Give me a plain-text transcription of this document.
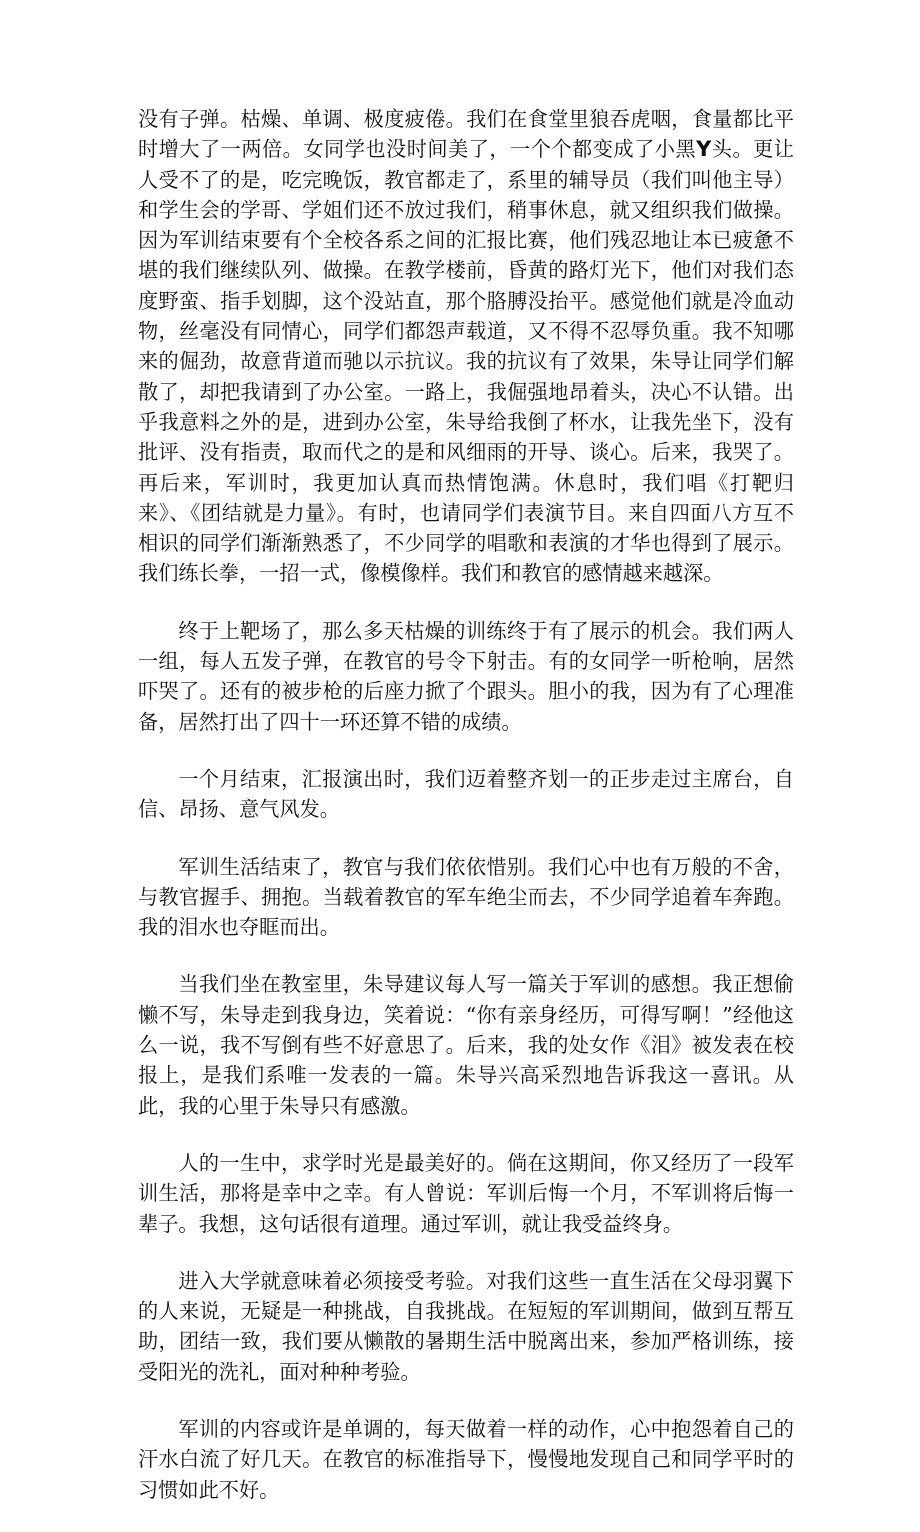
没有子弹。枯燥、单调、极度疲倦。我们在食堂里狼吞虎咽，食量都比平时增大了一两倍。女同学也没时间美了，一个个都变成了小黑Y头。更让人受不了的是，吃完晚饭，教官都走了，系里的辅导员（我们叫他主导）和学生会的学哥、学姐们还不放过我们，稍事休息，就又组织我们做操。因为军训结束要有个全校各系之间的汇报比赛，他们残忍地让本已疲惫不堪的我们继续队列、做操。在教学楼前，昏黄的路灯光下，他们对我们态度野蛮、指手划脚，这个没站直，那个胳膊没抬平。感觉他们就是冷血动物，丝毫没有同情心，同学们都怨声载道，又不得不忍辱负重。我不知哪来的倔劲，故意背道而驰以示抗议。我的抗议有了效果，朱导让同学们解散了，却把我请到了办公室。一路上，我倔强地昂着头，决心不认错。出乎我意料之外的是，进到办公室，朱导给我倒了杯水，让我先坐下，没有批评、没有指责，取而代之的是和风细雨的开导、谈心。后来，我哭了。再后来，军训时，我更加认真而热情饱满。休息时，我们唱《打靶归来》、《团结就是力量》。有时，也请同学们表演节目。来自四面八方互不相识的同学们渐渐熟悉了，不少同学的唱歌和表演的才华也得到了展示。我们练长拳，一招一式，像模像样。我们和教官的感情越来越深。

终于上靶场了，那么多天枯燥的训练终于有了展示的机会。我们两人一组，每人五发子弹，在教官的号令下射击。有的女同学一听枪响，居然吓哭了。还有的被步枪的后座力掀了个跟头。胆小的我，因为有了心理准备，居然打出了四十一环还算不错的成绩。

一个月结束，汇报演出时，我们迈着整齐划一的正步走过主席台，自信、昂扬、意气风发。

军训生活结束了，教官与我们依依惜别。我们心中也有万般的不舍，与教官握手、拥抱。当载着教官的军车绝尘而去，不少同学追着车奔跑。我的泪水也夺眶而出。

当我们坐在教室里，朱导建议每人写一篇关于军训的感想。我正想偷懒不写，朱导走到我身边，笑着说：“你有亲身经历，可得写啊！”经他这么一说，我不写倒有些不好意思了。后来，我的处女作《泪》被发表在校报上，是我们系唯一发表的一篇。朱导兴高采烈地告诉我这一喜讯。从此，我的心里于朱导只有感激。

人的一生中，求学时光是最美好的。倘在这期间，你又经历了一段军训生活，那将是幸中之幸。有人曾说：军训后悔一个月，不军训将后悔一辈子。我想，这句话很有道理。通过军训，就让我受益终身。

进入大学就意味着必须接受考验。对我们这些一直生活在父母羽翼下的人来说，无疑是一种挑战，自我挑战。在短短的军训期间，做到互帮互助，团结一致，我们要从懒散的暑期生活中脱离出来，参加严格训练，接受阳光的洗礼，面对种种考验。

军训的内容或许是单调的，每天做着一样的动作，心中抱怨着自己的汗水白流了好几天。在教官的标准指导下，慢慢地发现自己和同学平时的习惯如此不好。
